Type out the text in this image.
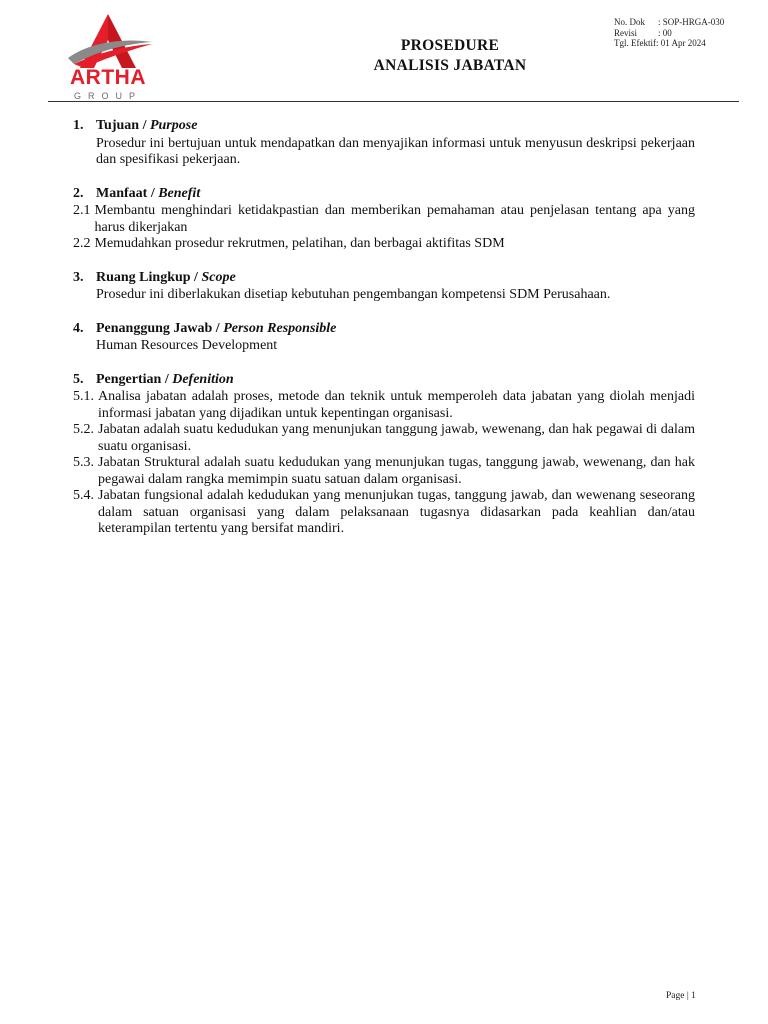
ARTHA
GROUP
PROSEDURE
ANALISIS JABATAN
No. Dok : SOP-HRGA-030
Revisi : 00
Tgl. Efektif: 01 Apr 2024
1. Tujuan / Purpose
Prosedur ini bertujuan untuk mendapatkan dan menyajikan informasi untuk menyusun deskripsi pekerjaan dan spesifikasi pekerjaan.
2. Manfaat / Benefit
2.1 Membantu menghindari ketidakpastian dan memberikan pemahaman atau penjelasan tentang apa yang harus dikerjakan
2.2 Memudahkan prosedur rekrutmen, pelatihan, dan berbagai aktifitas SDM
3. Ruang Lingkup / Scope
Prosedur ini diberlakukan disetiap kebutuhan pengembangan kompetensi SDM Perusahaan.
4. Penanggung Jawab / Person Responsible
Human Resources Development
5. Pengertian / Defenition
5.1. Analisa jabatan adalah proses, metode dan teknik untuk memperoleh data jabatan yang diolah menjadi informasi jabatan yang dijadikan untuk kepentingan organisasi.
5.2. Jabatan adalah suatu kedudukan yang menunjukan tanggung jawab, wewenang, dan hak pegawai di dalam suatu organisasi.
5.3. Jabatan Struktural adalah suatu kedudukan yang menunjukan tugas, tanggung jawab, wewenang, dan hak pegawai dalam rangka memimpin suatu satuan dalam organisasi.
5.4. Jabatan fungsional adalah kedudukan yang menunjukan tugas, tanggung jawab, dan wewenang seseorang dalam satuan organisasi yang dalam pelaksanaan tugasnya didasarkan pada keahlian dan/atau keterampilan tertentu yang bersifat mandiri.
Page | 1
